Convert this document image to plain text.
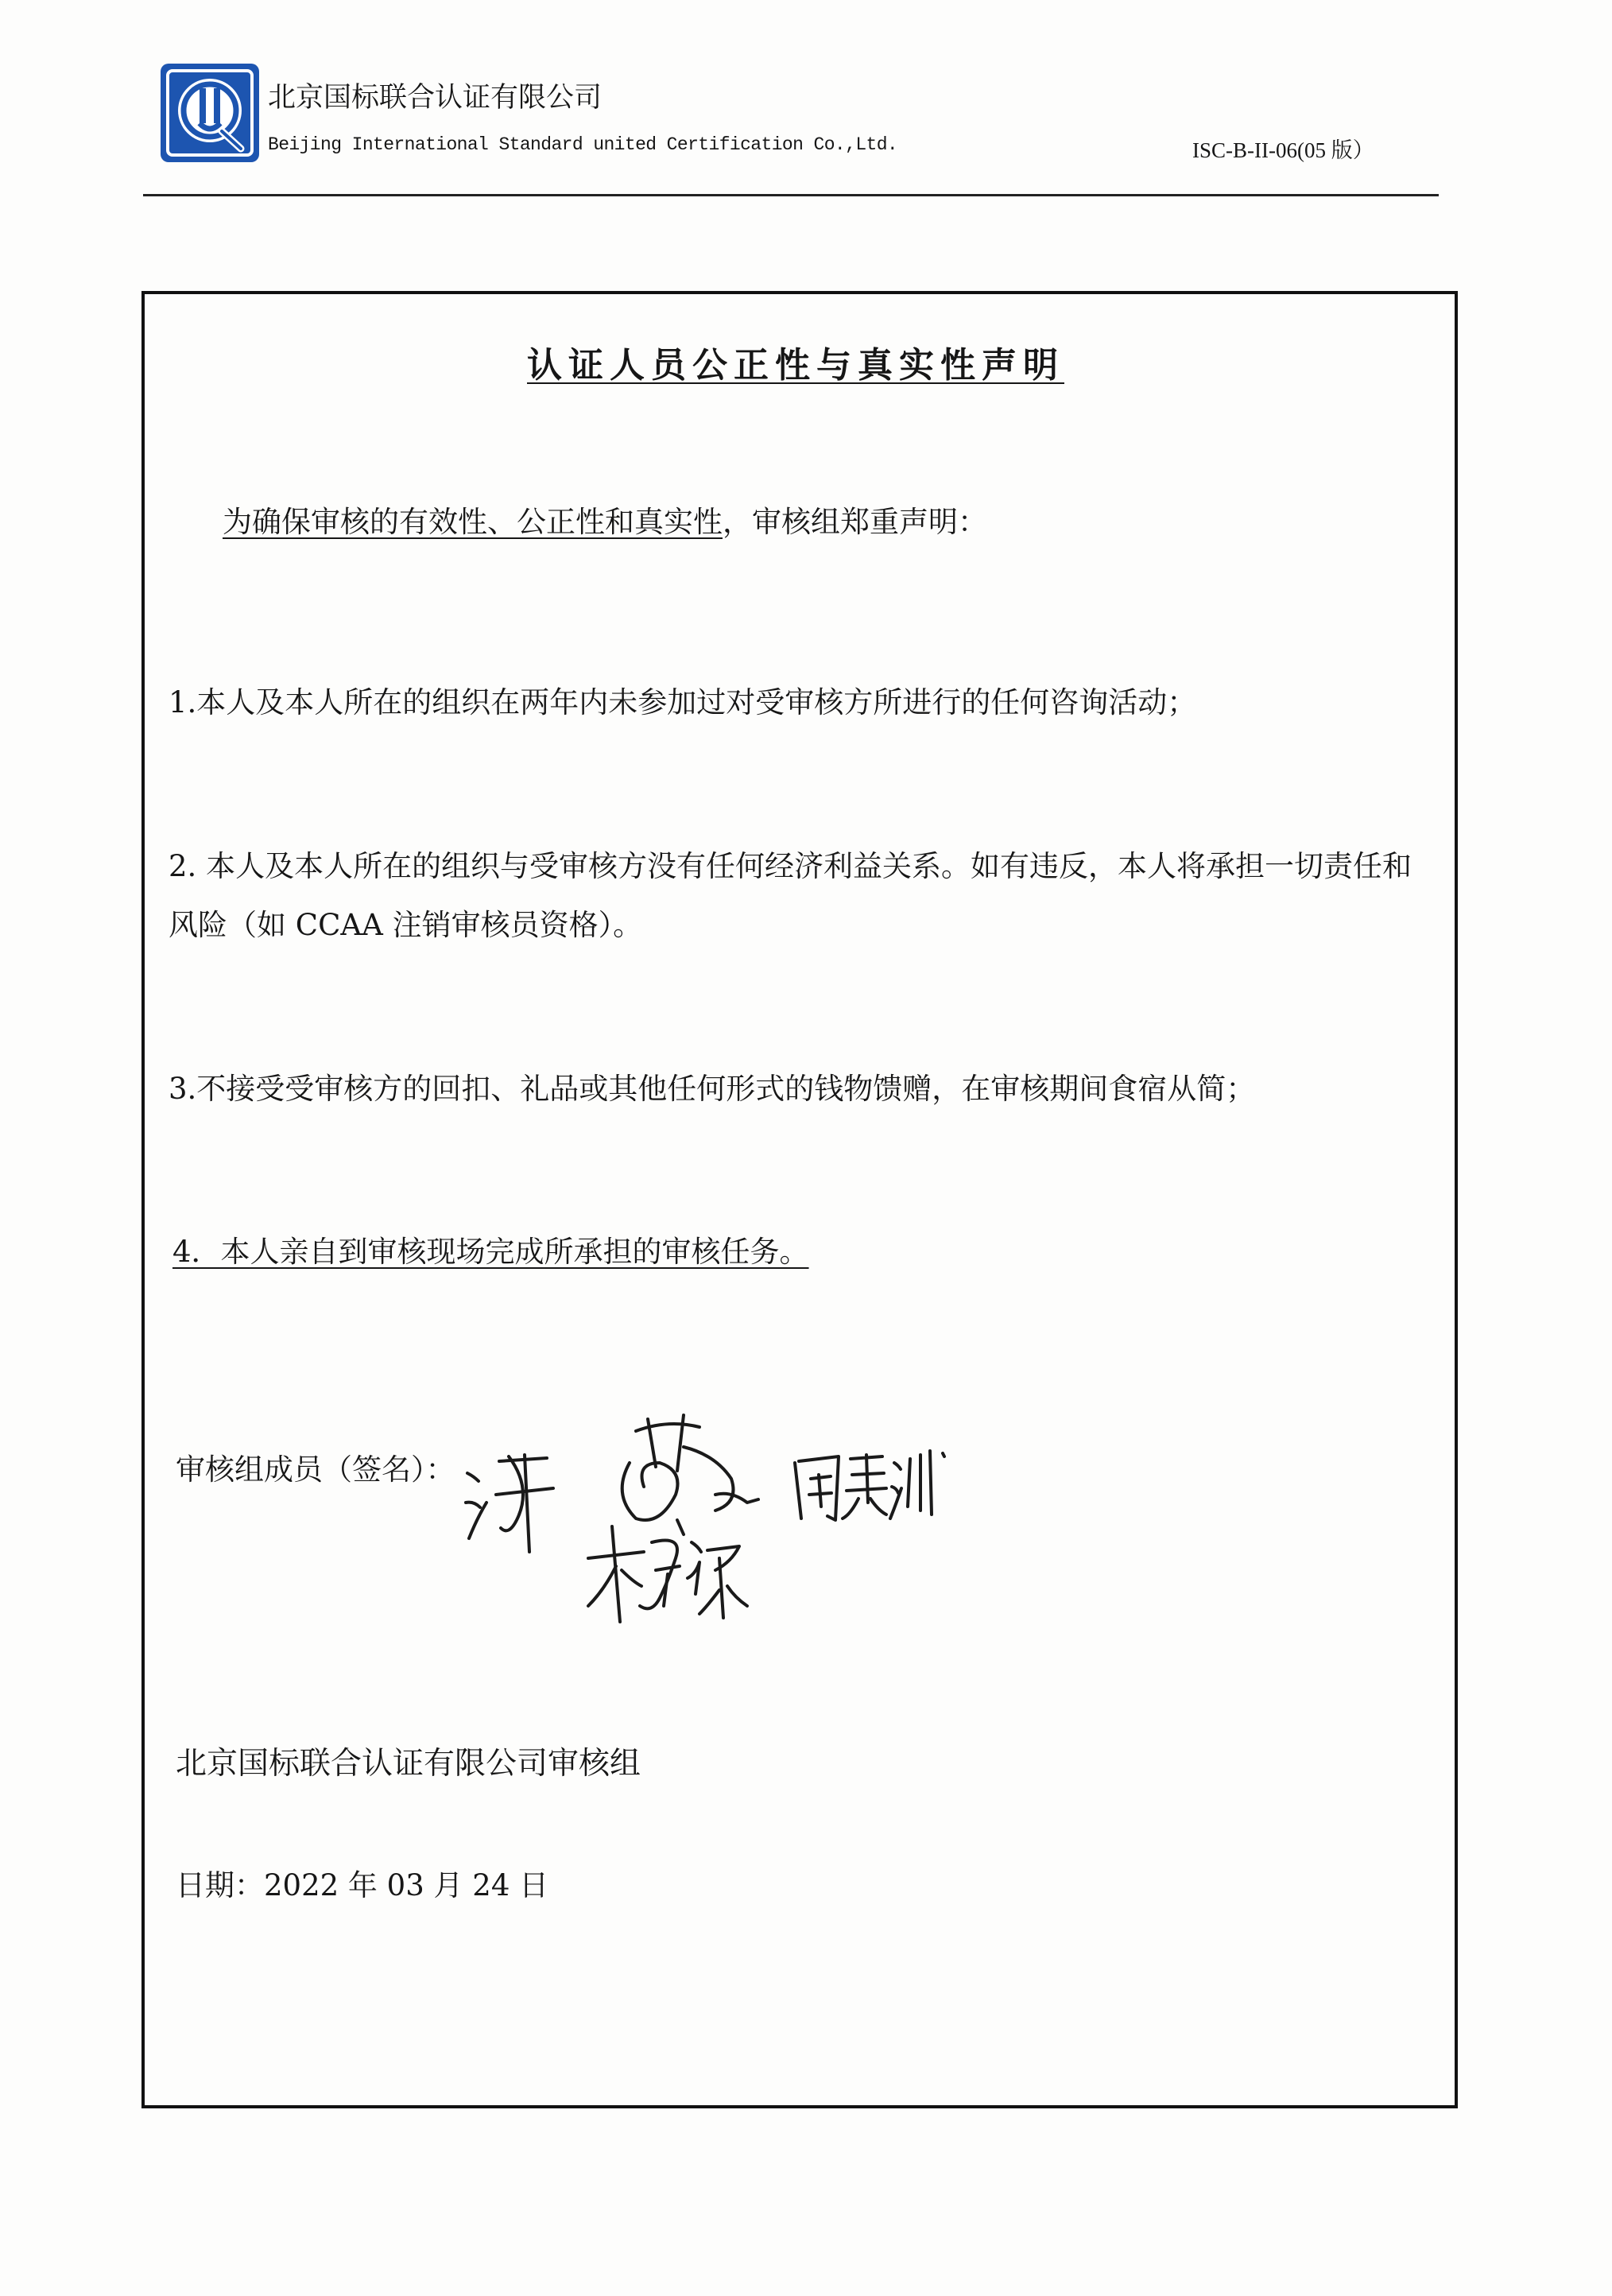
北京国标联合认证有限公司
Beijing International Standard united Certification Co.,Ltd.	ISC-B-II-06(05 版）
认证人员公正性与真实性声明
为确保审核的有效性、公正性和真实性，审核组郑重声明：
1.本人及本人所在的组织在两年内未参加过对受审核方所进行的任何咨询活动；
2. 本人及本人所在的组织与受审核方没有任何经济利益关系。如有违反，本人将承担一切责任和
风险（如 CCAA 注销审核员资格）。
3.不接受受审核方的回扣、礼品或其他任何形式的钱物馈赠，在审核期间食宿从简；
4．本人亲自到审核现场完成所承担的审核任务。
审核组成员（签名）：
北京国标联合认证有限公司审核组
日期：2022 年 03 月 24 日
